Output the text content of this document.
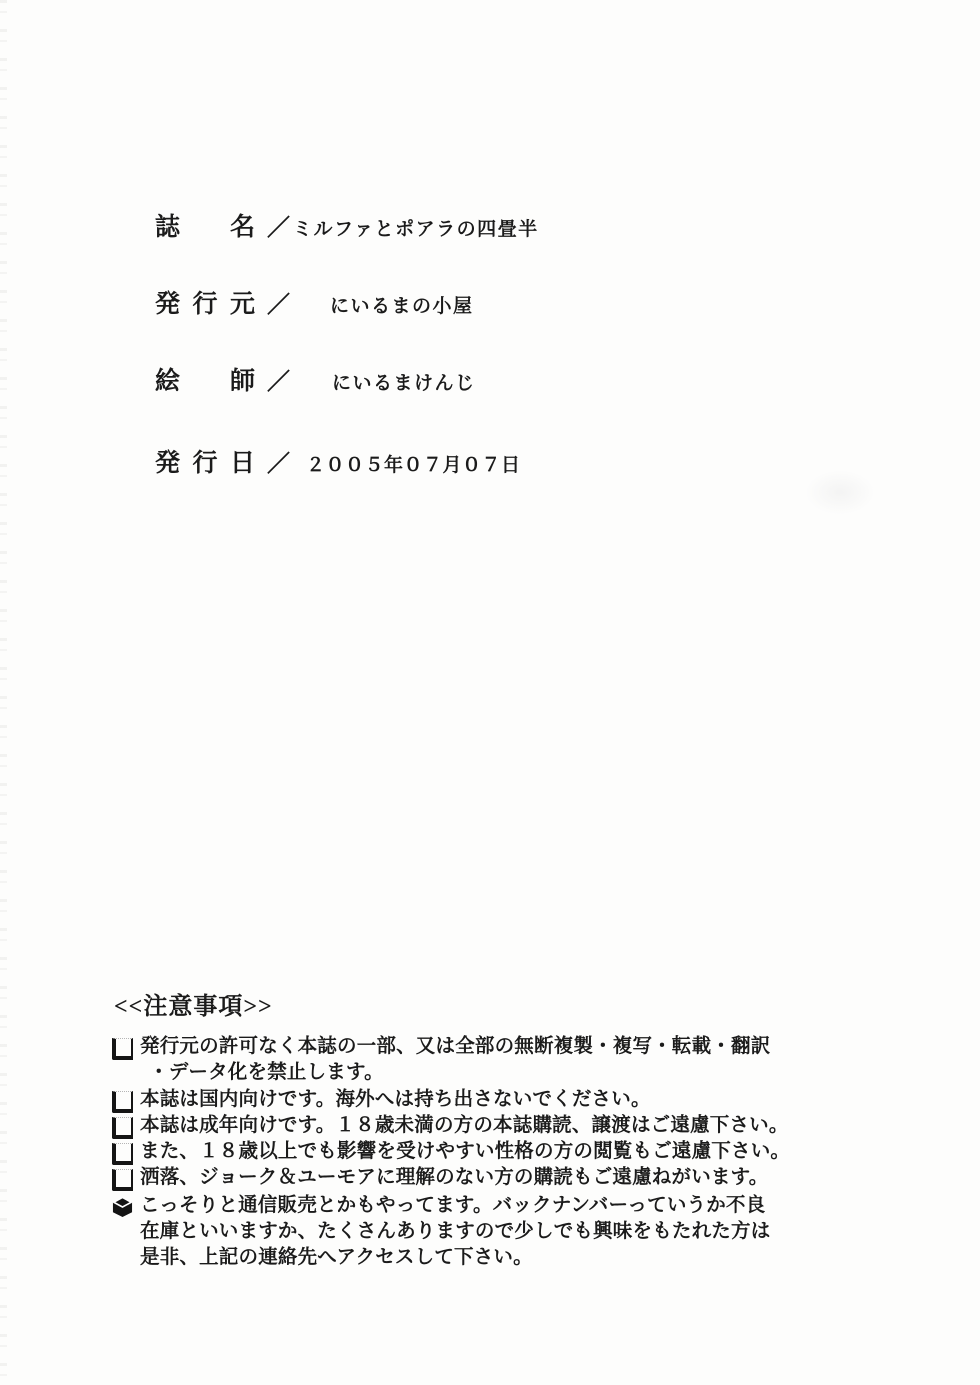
誌名 ／ ミルファとポアラの四畳半
発行元 ／ にいるまの小屋
絵師 ／ にいるまけんじ
発行日 ／ ２００５年０７月０７日
<<注意事項>>
発行元の許可なく本誌の一部、又は全部の無断複製・複写・転載・翻訳
・データ化を禁止します。
本誌は国内向けです。海外へは持ち出さないでください。
本誌は成年向けです。１８歳未満の方の本誌購読、譲渡はご遠慮下さい。
また、１８歳以上でも影響を受けやすい性格の方の閲覧もご遠慮下さい。
洒落、ジョーク＆ユーモアに理解のない方の購読もご遠慮ねがいます。
こっそりと通信販売とかもやってます。バックナンバーっていうか不良
在庫といいますか、たくさんありますので少しでも興味をもたれた方は
是非、上記の連絡先へアクセスして下さい。
